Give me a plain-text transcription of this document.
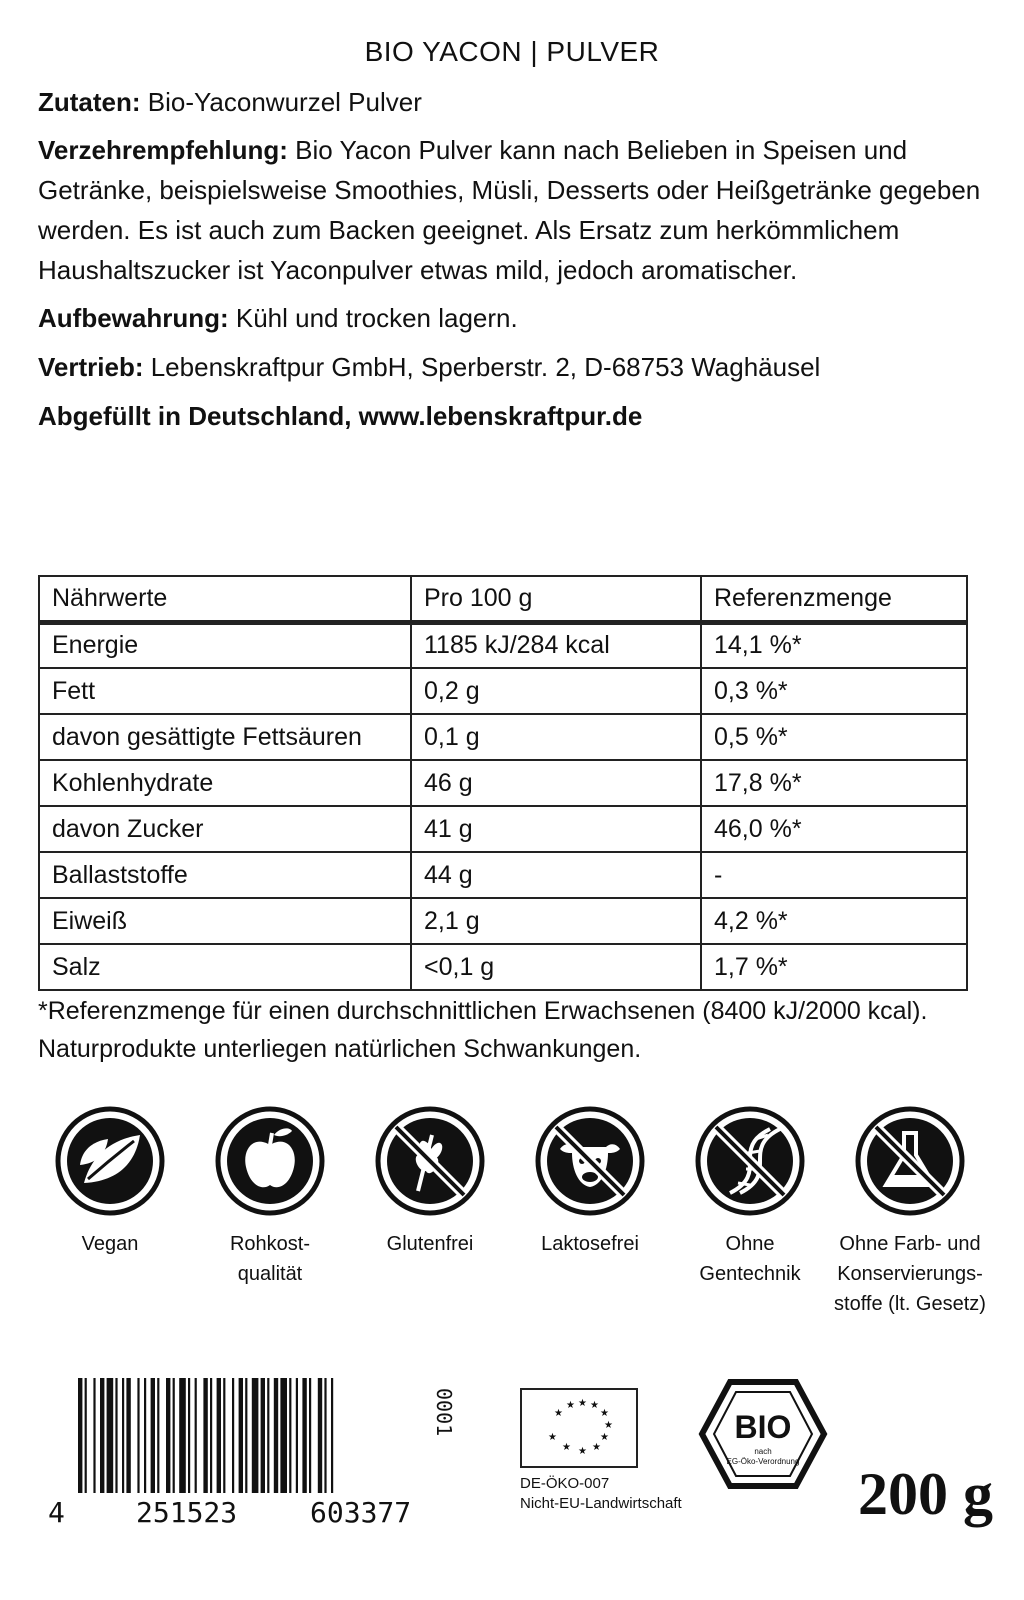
BIO YACON | PULVER
Zutaten: Bio-Yaconwurzel Pulver
Verzehrempfehlung: Bio Yacon Pulver kann nach Belieben in Speisen und Getränke, beispielsweise Smoothies, Müsli, Desserts oder Heißgetränke gegeben werden. Es ist auch zum Backen geeignet. Als Ersatz zum herkömmlichem Haushaltszucker ist Yaconpulver etwas mild, jedoch aromatischer.
Aufbewahrung: Kühl und trocken lagern.
Vertrieb: Lebenskraftpur GmbH, Sperberstr. 2, D-68753 Waghäusel
Abgefüllt in Deutschland, www.lebenskraftpur.de
Nährwerte	Pro 100 g	Referenzmenge
Energie	1185 kJ/284 kcal	14,1 %*
Fett	0,2 g	0,3 %*
davon gesättigte Fettsäuren	0,1 g	0,5 %*
Kohlenhydrate	46 g	17,8 %*
davon Zucker	41 g	46,0 %*
Ballaststoffe	44 g	-
Eiweiß	2,1 g	4,2 %*
Salz	<0,1 g	1,7 %*
*Referenzmenge für einen durchschnittlichen Erwachsenen (8400 kJ/2000 kcal).
Naturprodukte unterliegen natürlichen Schwankungen.
Vegan	Rohkost-
qualität
Glutenfrei	Laktosefrei	Ohne
Gentechnik
Ohne Farb- und
Konservierungs-
stoffe (lt. Gesetz)
4	251523	603377
0001	★ ★ ★
★
★
★
★
★
★ ★ ★
DE-ÖKO-007
Nicht-EU-Landwirtschaft
BIO
nach
EG-Öko-Verordnung 200 g
